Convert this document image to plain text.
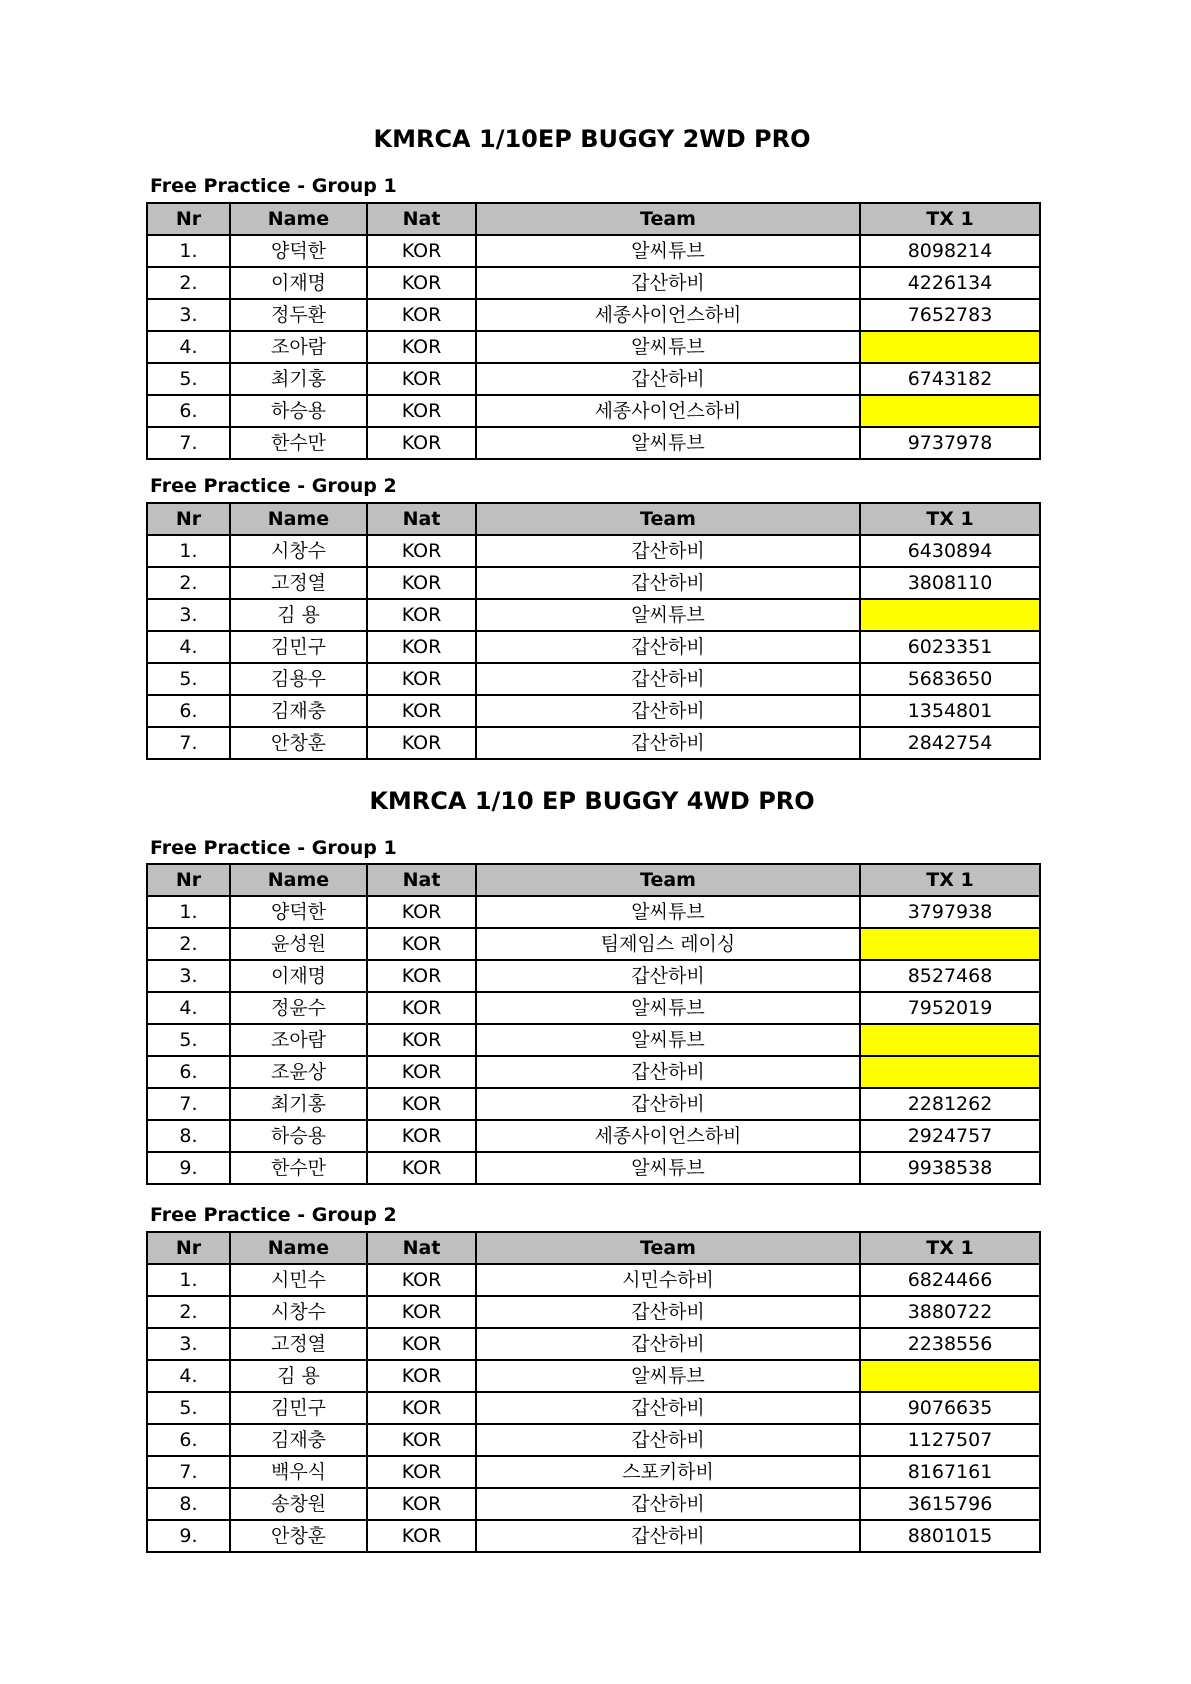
KMRCA 1/10EP BUGGY 2WD PRO
Free Practice - Group 1
Nr	Name	Nat	Team	TX 1
1.	양덕한	KOR	알씨튜브	8098214
2.	이재명	KOR	갑산하비	4226134
3.	정두환	KOR	세종사이언스하비	7652783
4.	조아람	KOR	알씨튜브	
5.	최기홍	KOR	갑산하비	6743182
6.	하승용	KOR	세종사이언스하비	
7.	한수만	KOR	알씨튜브	9737978
Free Practice - Group 2
Nr	Name	Nat	Team	TX 1
1.	시창수	KOR	갑산하비	6430894
2.	고정열	KOR	갑산하비	3808110
3.	김 용	KOR	알씨튜브	
4.	김민구	KOR	갑산하비	6023351
5.	김용우	KOR	갑산하비	5683650
6.	김재충	KOR	갑산하비	1354801
7.	안창훈	KOR	갑산하비	2842754
KMRCA 1/10 EP BUGGY 4WD PRO
Free Practice - Group 1
Nr	Name	Nat	Team	TX 1
1.	양덕한	KOR	알씨튜브	3797938
2.	윤성원	KOR	팀제임스 레이싱	
3.	이재명	KOR	갑산하비	8527468
4.	정윤수	KOR	알씨튜브	7952019
5.	조아람	KOR	알씨튜브	
6.	조윤상	KOR	갑산하비	
7.	최기홍	KOR	갑산하비	2281262
8.	하승용	KOR	세종사이언스하비	2924757
9.	한수만	KOR	알씨튜브	9938538
Free Practice - Group 2
Nr	Name	Nat	Team	TX 1
1.	시민수	KOR	시민수하비	6824466
2.	시창수	KOR	갑산하비	3880722
3.	고정열	KOR	갑산하비	2238556
4.	김 용	KOR	알씨튜브	
5.	김민구	KOR	갑산하비	9076635
6.	김재충	KOR	갑산하비	1127507
7.	백우식	KOR	스포키하비	8167161
8.	송창원	KOR	갑산하비	3615796
9.	안창훈	KOR	갑산하비	8801015
